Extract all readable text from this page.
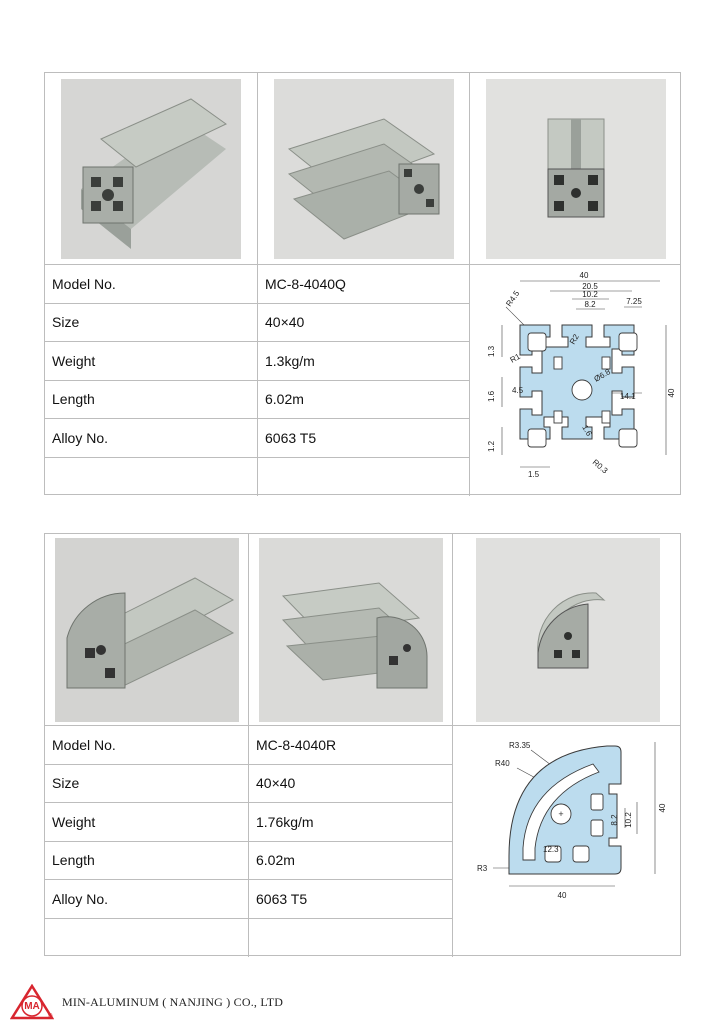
Model No.	MC-8-4040Q
Size	40×40
Weight	1.3kg/m
Length	6.02m
Alloy No.	6063 T5
40
20.5
10.2
8.2	7.25
R4.5
R2
R1
1.3
4.5
Ø6.8
14.1
1.6
1.6
1.2
1.5	R0.3
40
Model No.	MC-8-4040R
Size	40×40
Weight	1.76kg/m
Length	6.02m
Alloy No.	6063 T5
+
R3.35
R40
8.2 10.2
40
12.3
R3
40
MA
®
MIN-ALUMINUM ( NANJING ) CO., LTD
